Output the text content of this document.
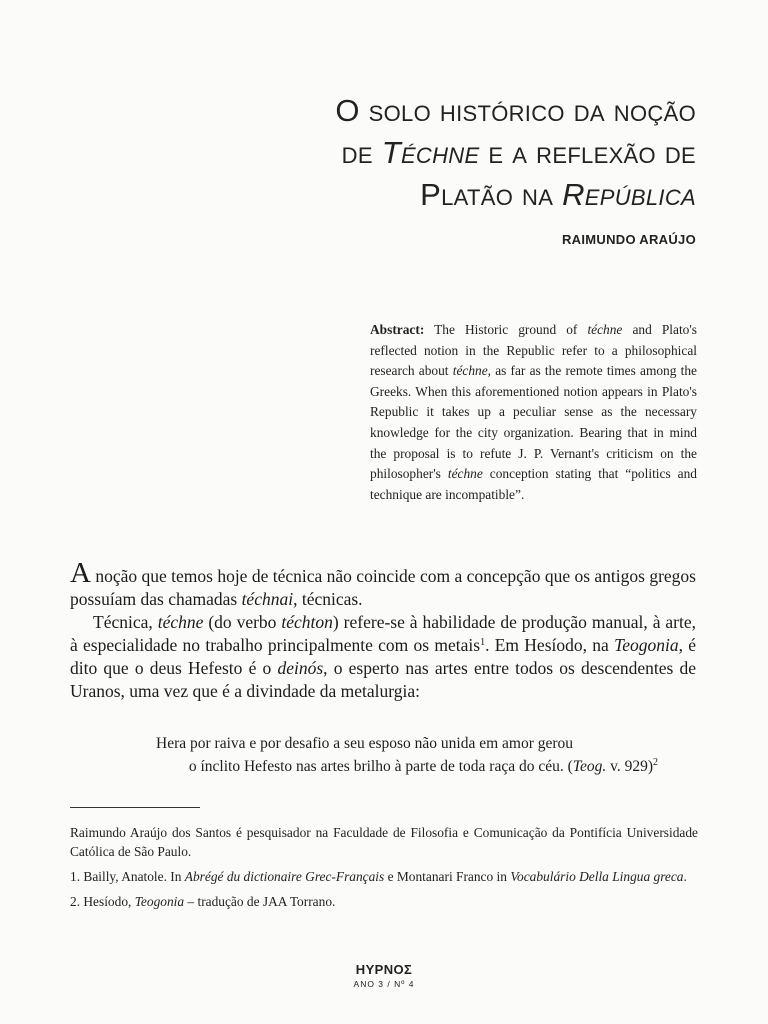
O solo histórico da noção
de Téchne e a reflexão de
Platão na República
RAIMUNDO ARAÚJO
Abstract: The Historic ground of téchne and Plato's reflected notion in the Republic refer to a philosophical research about téchne, as far as the remote times among the Greeks. When this aforementioned notion appears in Plato's Republic it takes up a peculiar sense as the necessary knowledge for the city organization. Bearing that in mind the proposal is to refute J. P. Vernant's criticism on the philosopher's téchne conception stating that “politics and technique are incompatible”.

A noção que temos hoje de técnica não coincide com a concepção que os antigos gregos possuíam das chamadas téchnai, técnicas.

Técnica, téchne (do verbo téchton) refere-se à habilidade de produção manual, à arte, à especialidade no trabalho principalmente com os metais$^1$. Em Hesíodo, na Teogonia, é dito que o deus Hefesto é o deinós, o esperto nas artes entre todos os descendentes de Uranos, uma vez que é a divindade da metalurgia:

Hera por raiva e por desafio a seu esposo não unida em amor gerou
o ínclito Hefesto nas artes brilho à parte de toda raça do céu. (Teog. v. 929)$^2$

Raimundo Araújo dos Santos é pesquisador na Faculdade de Filosofia e Comunicação da Pontifícia Universidade Católica de São Paulo.

1. Bailly, Anatole. In Abrégé du dictionaire Grec-Français e Montanari Franco in Vocabulário Della Lingua greca.

2. Hesíodo, Teogonia – tradução de JAA Torrano.

HYPNOΣ
ANO 3 / Nº 4
